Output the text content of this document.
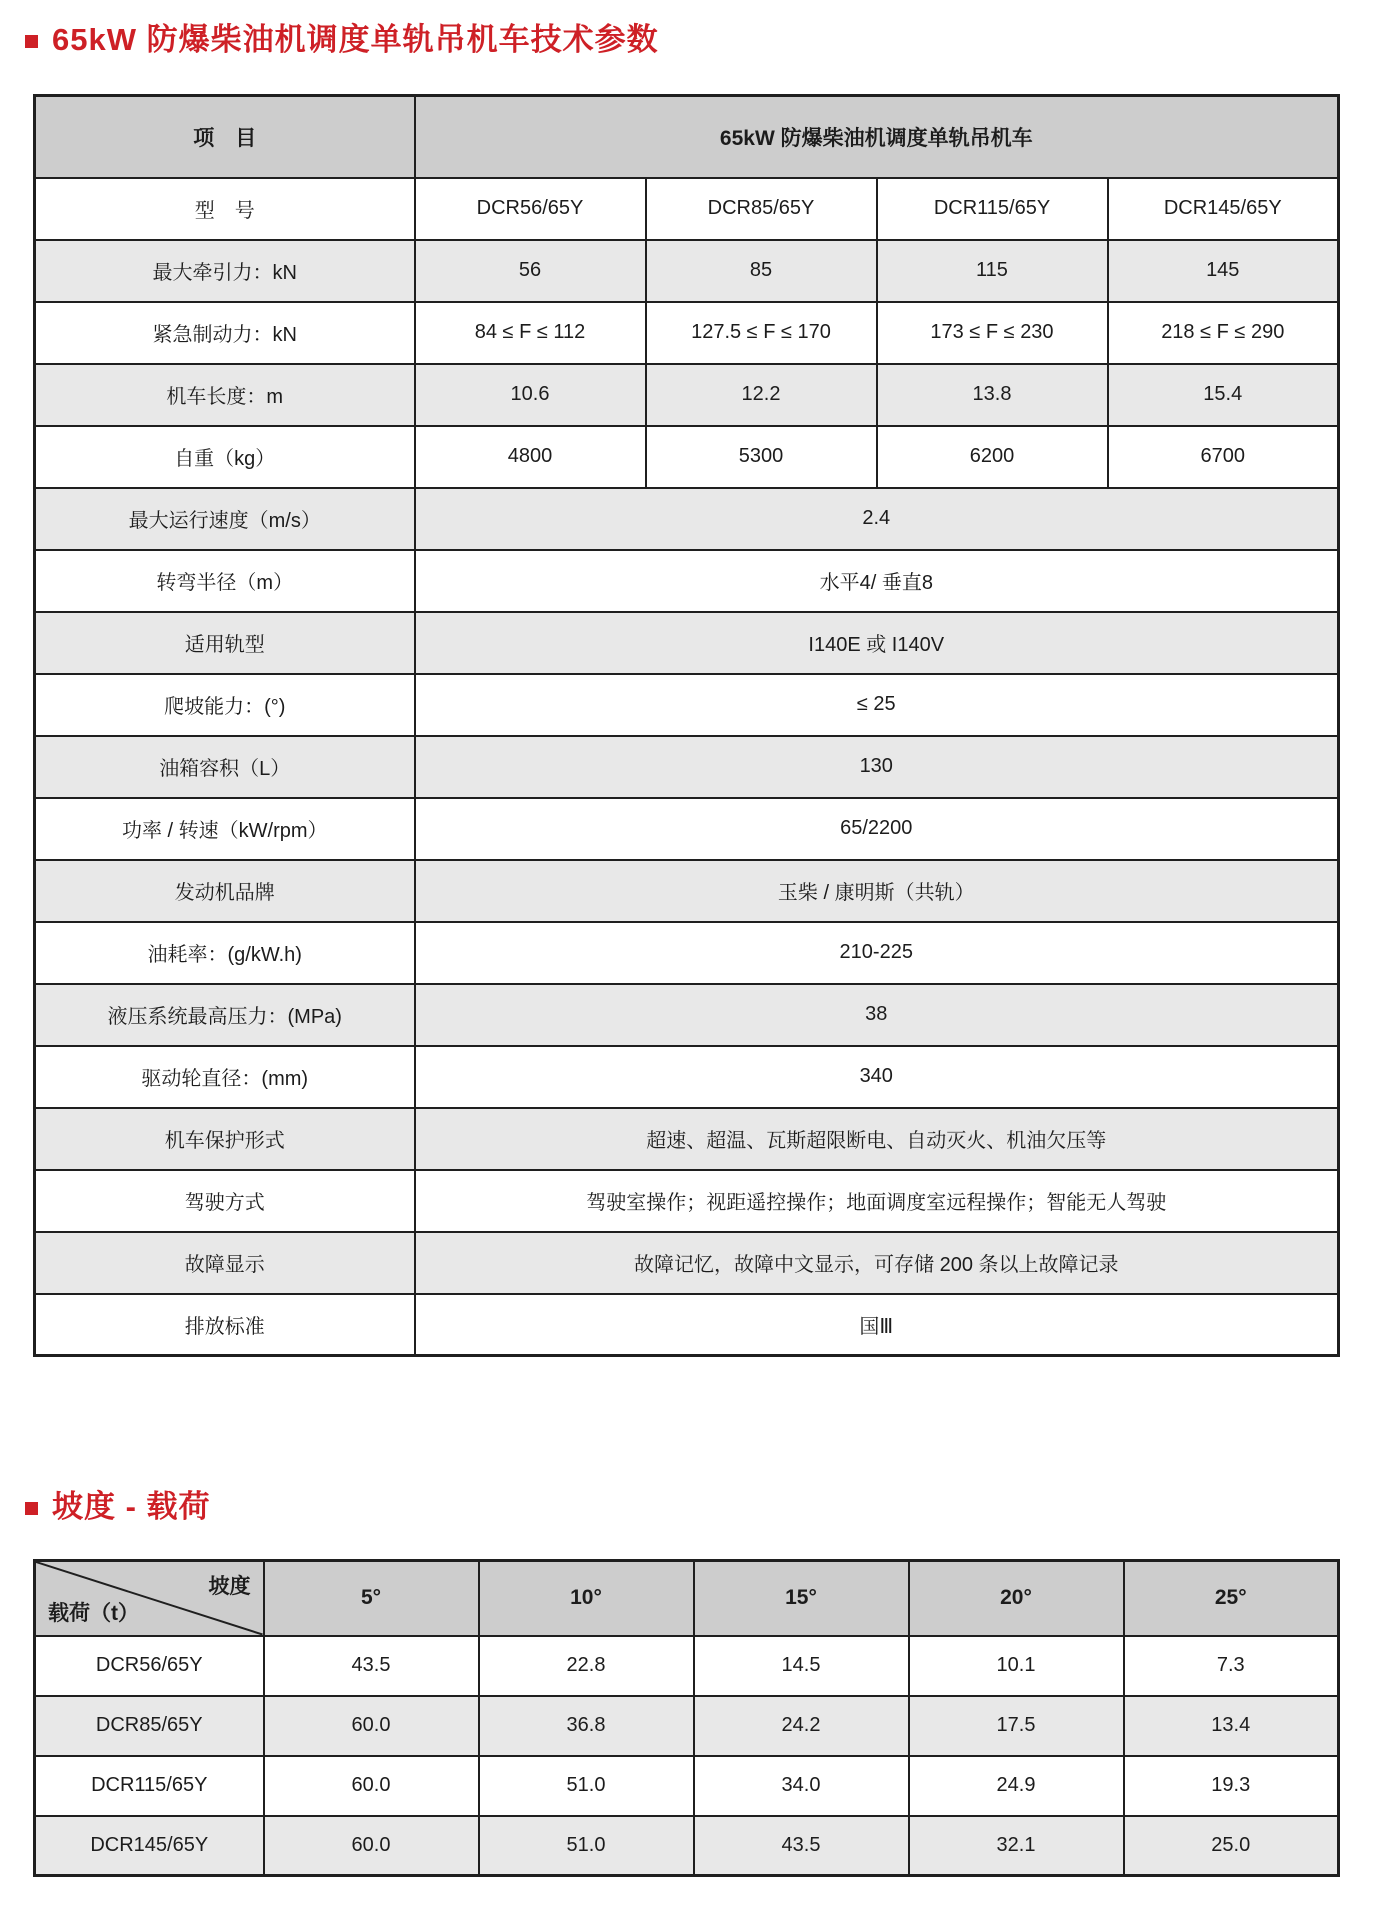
65kW 防爆柴油机调度单轨吊机车技术参数
项　目	65kW 防爆柴油机调度单轨吊机车			
型　号	DCR56/65Y	DCR85/65Y	DCR115/65Y	DCR145/65Y
最大牵引力：kN	56	85	115	145
紧急制动力：kN	84 ≤ F ≤ 112	127.5 ≤ F ≤ 170	173 ≤ F ≤ 230	218 ≤ F ≤ 290
机车长度：m	10.6	12.2	13.8	15.4
自重（kg）	4800	5300	6200	6700
最大运行速度（m/s）	2.4			
转弯半径（m）	水平4/ 垂直8			
适用轨型	I140E 或 I140V			
爬坡能力：(°)	≤ 25			
油箱容积（L）	130			
功率 / 转速（kW/rpm）	65/2200			
发动机品牌	玉柴 / 康明斯（共轨）			
油耗率：(g/kW.h)	210-225			
液压系统最高压力：(MPa)	38			
驱动轮直径：(mm)	340			
机车保护形式	超速、超温、瓦斯超限断电、自动灭火、机油欠压等			
驾驶方式	驾驶室操作；视距遥控操作；地面调度室远程操作；智能无人驾驶			
故障显示	故障记忆，故障中文显示，可存储 200 条以上故障记录			
排放标准	国Ⅲ			
坡度 - 载荷
坡度
载荷（t）	5°	10°	15°	20°	25°
DCR56/65Y	43.5	22.8	14.5	10.1	7.3
DCR85/65Y	60.0	36.8	24.2	17.5	13.4
DCR115/65Y	60.0	51.0	34.0	24.9	19.3
DCR145/65Y	60.0	51.0	43.5	32.1	25.0
